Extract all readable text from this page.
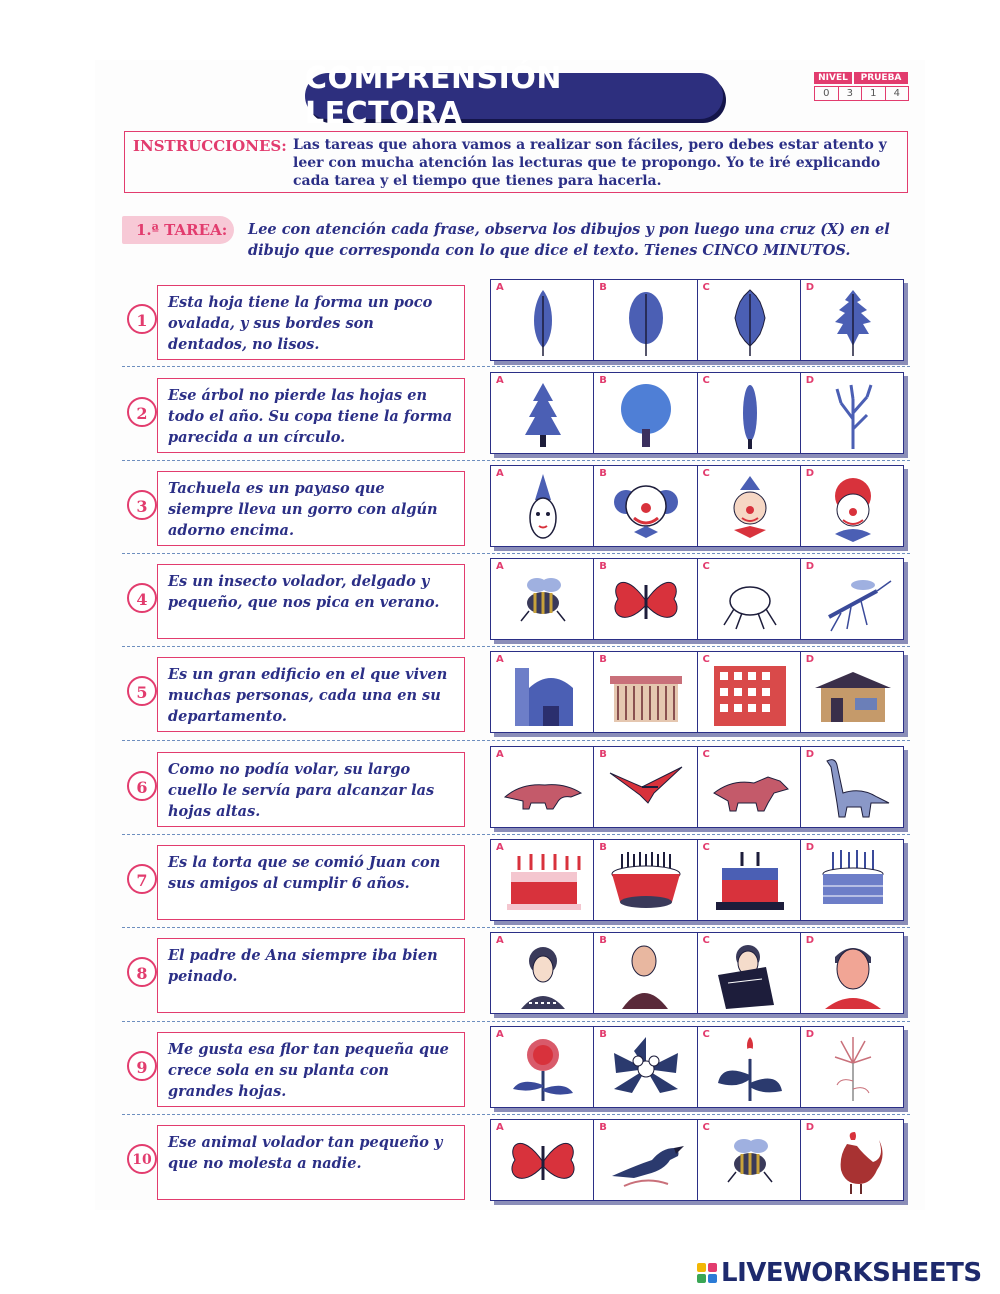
COMPRENSIÓN LECTORA
NIVEL	PRUEBA
0	3	1	4
INSTRUCCIONES: Las tareas que ahora vamos a realizar son fáciles, pero debes estar atento y leer con mucha atención las lecturas que te propongo. Yo te iré explicando cada tarea y el tiempo que tienes para hacerla.
1.ª TAREA:	Lee con atención cada frase, observa los dibujos y pon luego una cruz (X) en el dibujo que corresponda con lo que dice el texto. Tienes CINCO MINUTOS.
1
Esta hoja tiene la forma un poco ovalada, y sus bordes son dentados, no lisos.
A	B	C	D
2
Ese árbol no pierde las hojas en todo el año. Su copa tiene la forma parecida a un círculo.
A	B	C	D
3
Tachuela es un payaso que siempre lleva un gorro con algún adorno encima.
A	B	C	D
4
Es un insecto volador, delgado y pequeño, que nos pica en verano.
A	B	C	D
5
Es un gran edificio en el que viven muchas personas, cada una en su departamento.
A	B	C	D
6
Como no podía volar, su largo cuello le servía para alcanzar las hojas altas.
A	B	C	D
7
Es la torta que se comió Juan con sus amigos al cumplir 6 años.
A	B	C	D
8
El padre de Ana siempre iba bien peinado.
A	B	C	D
9
Me gusta esa flor tan pequeña que crece sola en su planta con grandes hojas.
A	B	C	D
10
Ese animal volador tan pequeño y que no molesta a nadie.
A	B	C	D
LIVEWORKSHEETS
